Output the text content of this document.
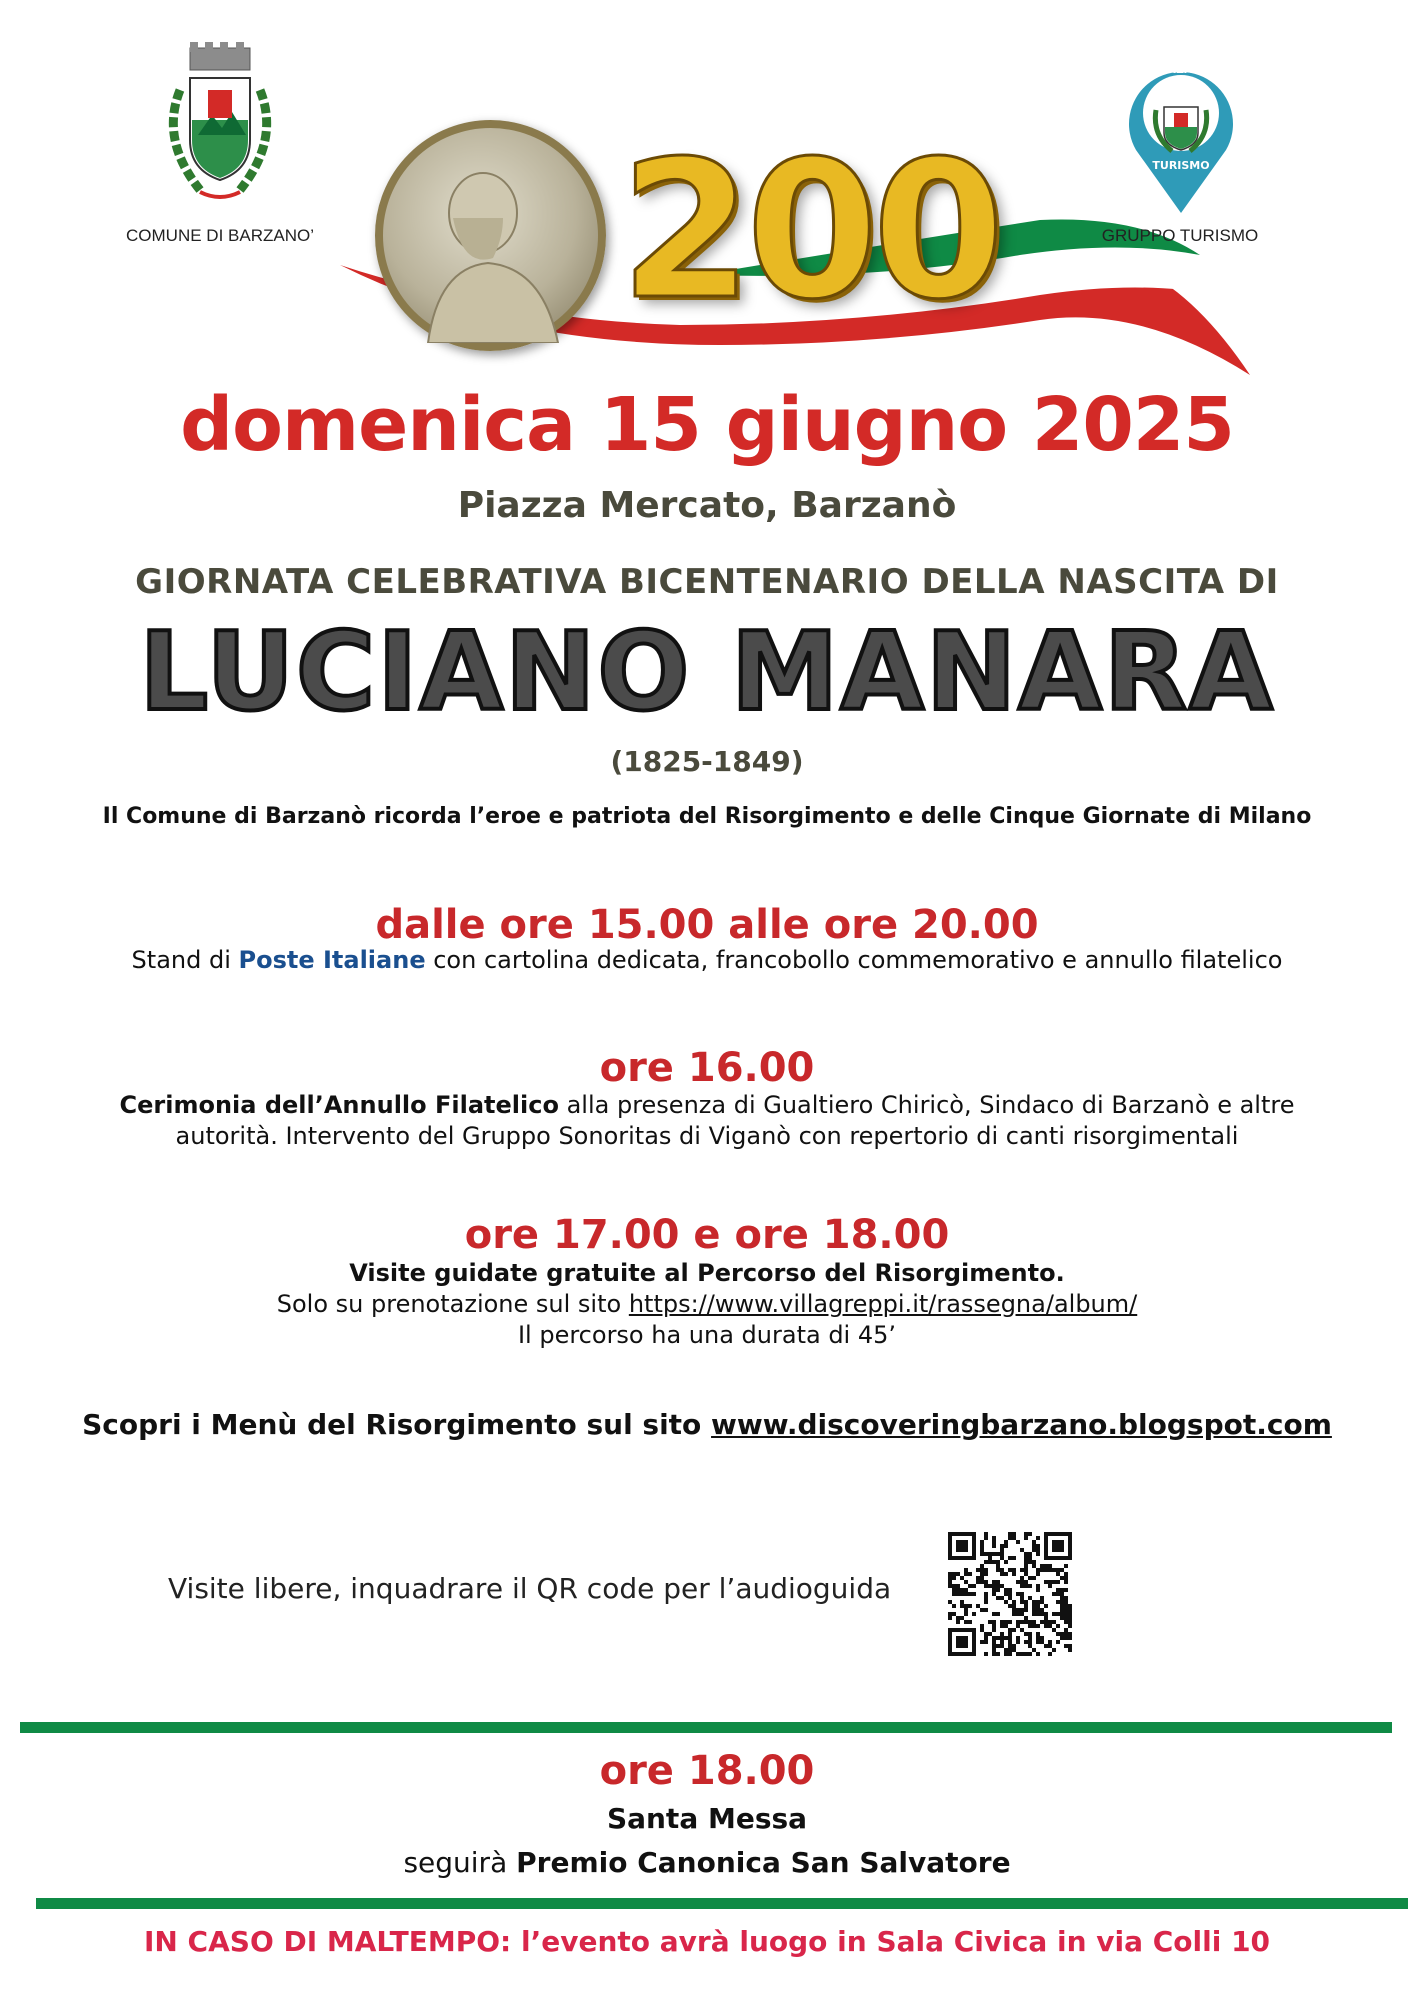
COMUNE DI BARZANO’ 200
BARZANÒ
TURISMO
GRUPPO TURISMO
domenica 15 giugno 2025
Piazza Mercato, Barzanò
GIORNATA CELEBRATIVA BICENTENARIO DELLA NASCITA DI
LUCIANO MANARA
(1825-1849)
Il Comune di Barzanò ricorda l’eroe e patriota del Risorgimento e delle Cinque Giornate di Milano
dalle ore 15.00 alle ore 20.00
Stand di Poste Italiane con cartolina dedicata, francobollo commemorativo e annullo filatelico
ore 16.00
Cerimonia dell’Annullo Filatelico alla presenza di Gualtiero Chiricò, Sindaco di Barzanò e altre
autorità. Intervento del Gruppo Sonoritas di Viganò con repertorio di canti risorgimentali
ore 17.00 e ore 18.00
Visite guidate gratuite al Percorso del Risorgimento.
Solo su prenotazione sul sito https://www.villagreppi.it/rassegna/album/
Il percorso ha una durata di 45’
Scopri i Menù del Risorgimento sul sito www.discoveringbarzano.blogspot.com
Visite libere, inquadrare il QR code per l’audioguida
ore 18.00
Santa Messa
seguirà Premio Canonica San Salvatore
IN CASO DI MALTEMPO: l’evento avrà luogo in Sala Civica in via Colli 10
